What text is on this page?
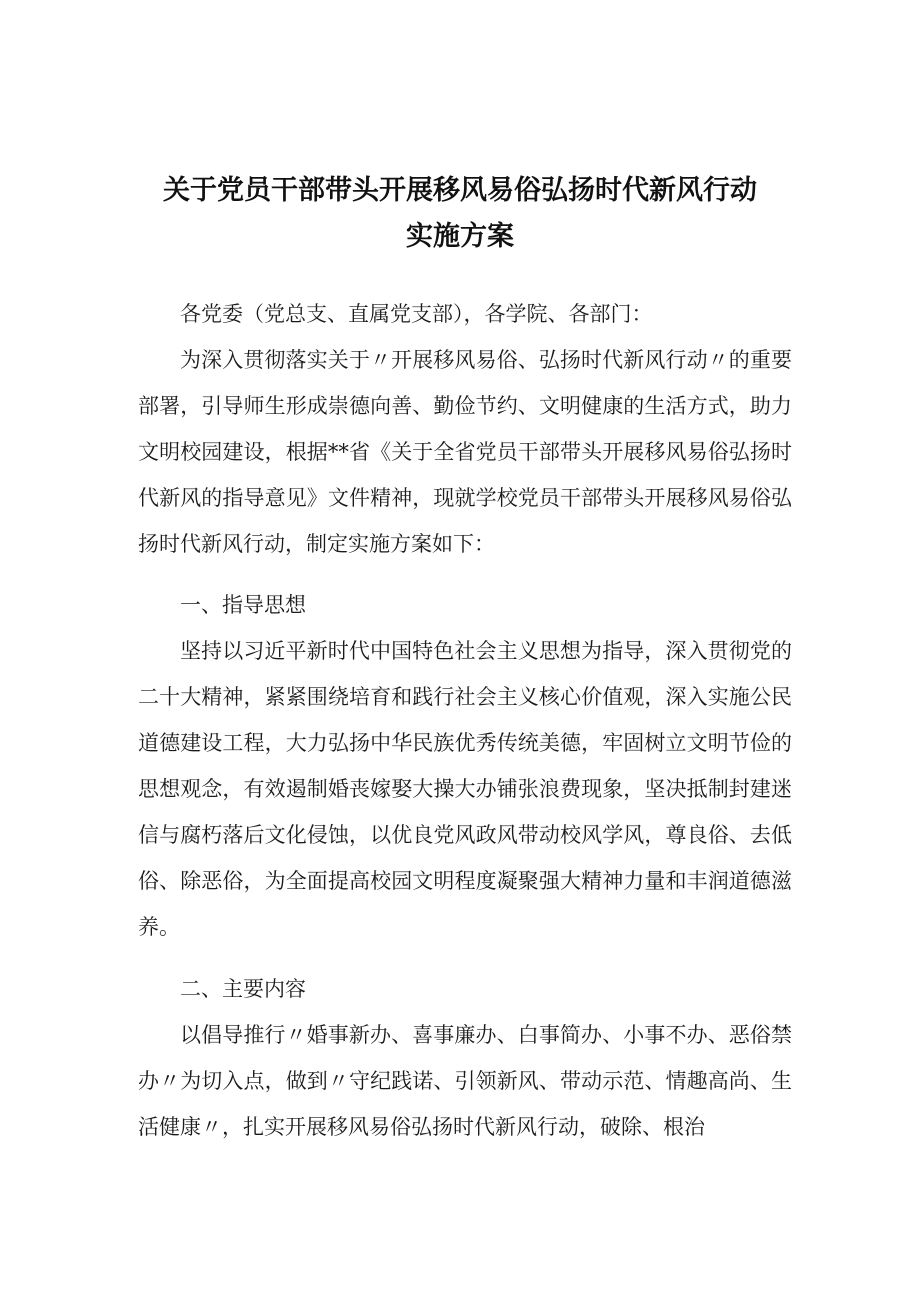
关于党员干部带头开展移风易俗弘扬时代新风行动
实施方案

各党委（党总支、直属党支部），各学院、各部门：

为深入贯彻落实关于〃开展移风易俗、弘扬时代新风行动〃的重要部署，引导师生形成崇德向善、勤俭节约、文明健康的生活方式，助力文明校园建设，根据**省《关于全省党员干部带头开展移风易俗弘扬时代新风的指导意见》文件精神，现就学校党员干部带头开展移风易俗弘扬时代新风行动，制定实施方案如下：

一、指导思想

坚持以习近平新时代中国特色社会主义思想为指导，深入贯彻党的二十大精神，紧紧围绕培育和践行社会主义核心价值观，深入实施公民道德建设工程，大力弘扬中华民族优秀传统美德，牢固树立文明节俭的思想观念，有效遏制婚丧嫁娶大操大办铺张浪费现象，坚决抵制封建迷信与腐朽落后文化侵蚀，以优良党风政风带动校风学风，尊良俗、去低俗、除恶俗，为全面提高校园文明程度凝聚强大精神力量和丰润道德滋养。

二、主要内容

以倡导推行〃婚事新办、喜事廉办、白事简办、小事不办、恶俗禁办〃为切入点，做到〃守纪践诺、引领新风、带动示范、情趣高尚、生活健康〃，扎实开展移风易俗弘扬时代新风行动，破除、根治
